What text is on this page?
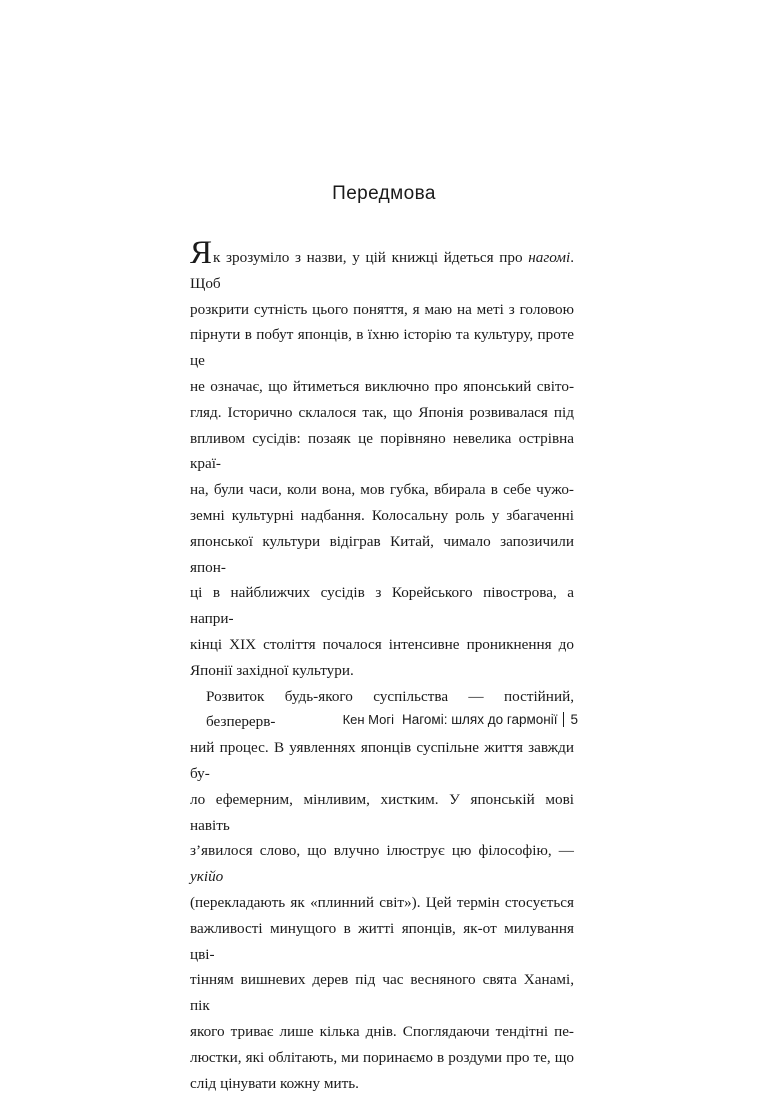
Передмова
Як зрозуміло з назви, у цій книжці йдеться про нагомі. Щоб
розкрити сутність цього поняття, я маю на меті з головою
пірнути в побут японців, в їхню історію та культуру, проте це
не означає, що йтиметься виключно про японський світо-
гляд. Історично склалося так, що Японія розвивалася під
впливом сусідів: позаяк це порівняно невелика острівна краї-
на, були часи, коли вона, мов губка, вбирала в себе чужо-
земні культурні надбання. Колосальну роль у збагаченні
японської культури відіграв Китай, чимало запозичили япон-
ці в найближчих сусідів з Корейського півострова, а напри-
кінці XIX століття почалося інтенсивне проникнення до
Японії західної культури.
Розвиток будь-якого суспільства — постійний, безперерв-
ний процес. В уявленнях японців суспільне життя завжди бу-
ло ефемерним, мінливим, хистким. У японській мові навіть
з’явилося слово, що влучно ілюструє цю філософію, — укійо
(перекладають як «плинний світ»). Цей термін стосується
важливості минущого в житті японців, як-от милування цві-
тінням вишневих дерев під час весняного свята Ханамі, пік
якого триває лише кілька днів. Споглядаючи тендітні пе-
люстки, які облітають, ми поринаємо в роздуми про те, що
слід цінувати кожну мить.
Кен Могі Нагомі: шлях до гармонії 5
